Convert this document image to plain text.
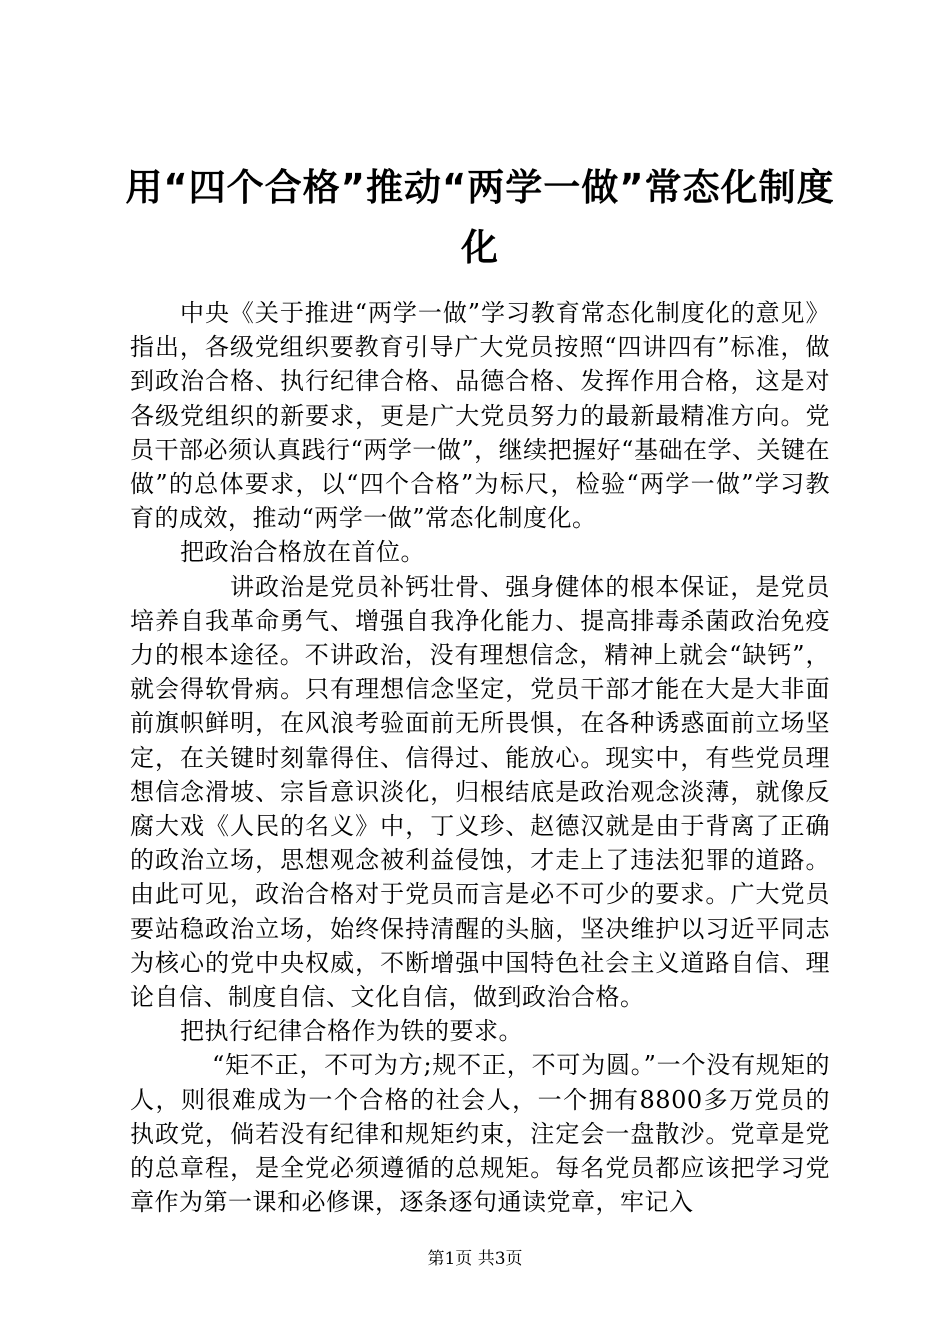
用“四个合格”推动“两学一做”常态化制度化

中央《关于推进“两学一做”学习教育常态化制度化的意见》指出，各级党组织要教育引导广大党员按照“四讲四有”标准，做到政治合格、执行纪律合格、品德合格、发挥作用合格，这是对各级党组织的新要求，更是广大党员努力的最新最精准方向。党员干部必须认真践行“两学一做”，继续把握好“基础在学、关键在做”的总体要求，以“四个合格”为标尺，检验“两学一做”学习教育的成效，推动“两学一做”常态化制度化。

把政治合格放在首位。

讲政治是党员补钙壮骨、强身健体的根本保证，是党员培养自我革命勇气、增强自我净化能力、提高排毒杀菌政治免疫力的根本途径。不讲政治，没有理想信念，精神上就会“缺钙”，就会得软骨病。只有理想信念坚定，党员干部才能在大是大非面前旗帜鲜明，在风浪考验面前无所畏惧，在各种诱惑面前立场坚定，在关键时刻靠得住、信得过、能放心。现实中，有些党员理想信念滑坡、宗旨意识淡化，归根结底是政治观念淡薄，就像反腐大戏《人民的名义》中，丁义珍、赵德汉就是由于背离了正确的政治立场，思想观念被利益侵蚀，才走上了违法犯罪的道路。由此可见，政治合格对于党员而言是必不可少的要求。广大党员要站稳政治立场，始终保持清醒的头脑，坚决维护以习近平同志为核心的党中央权威，不断增强中国特色社会主义道路自信、理论自信、制度自信、文化自信，做到政治合格。

把执行纪律合格作为铁的要求。

“矩不正，不可为方;规不正，不可为圆。”一个没有规矩的人，则很难成为一个合格的社会人，一个拥有8800多万党员的执政党，倘若没有纪律和规矩约束，注定会一盘散沙。党章是党的总章程，是全党必须遵循的总规矩。每名党员都应该把学习党章作为第一课和必修课，逐条逐句通读党章，牢记入

第1页 共3页
